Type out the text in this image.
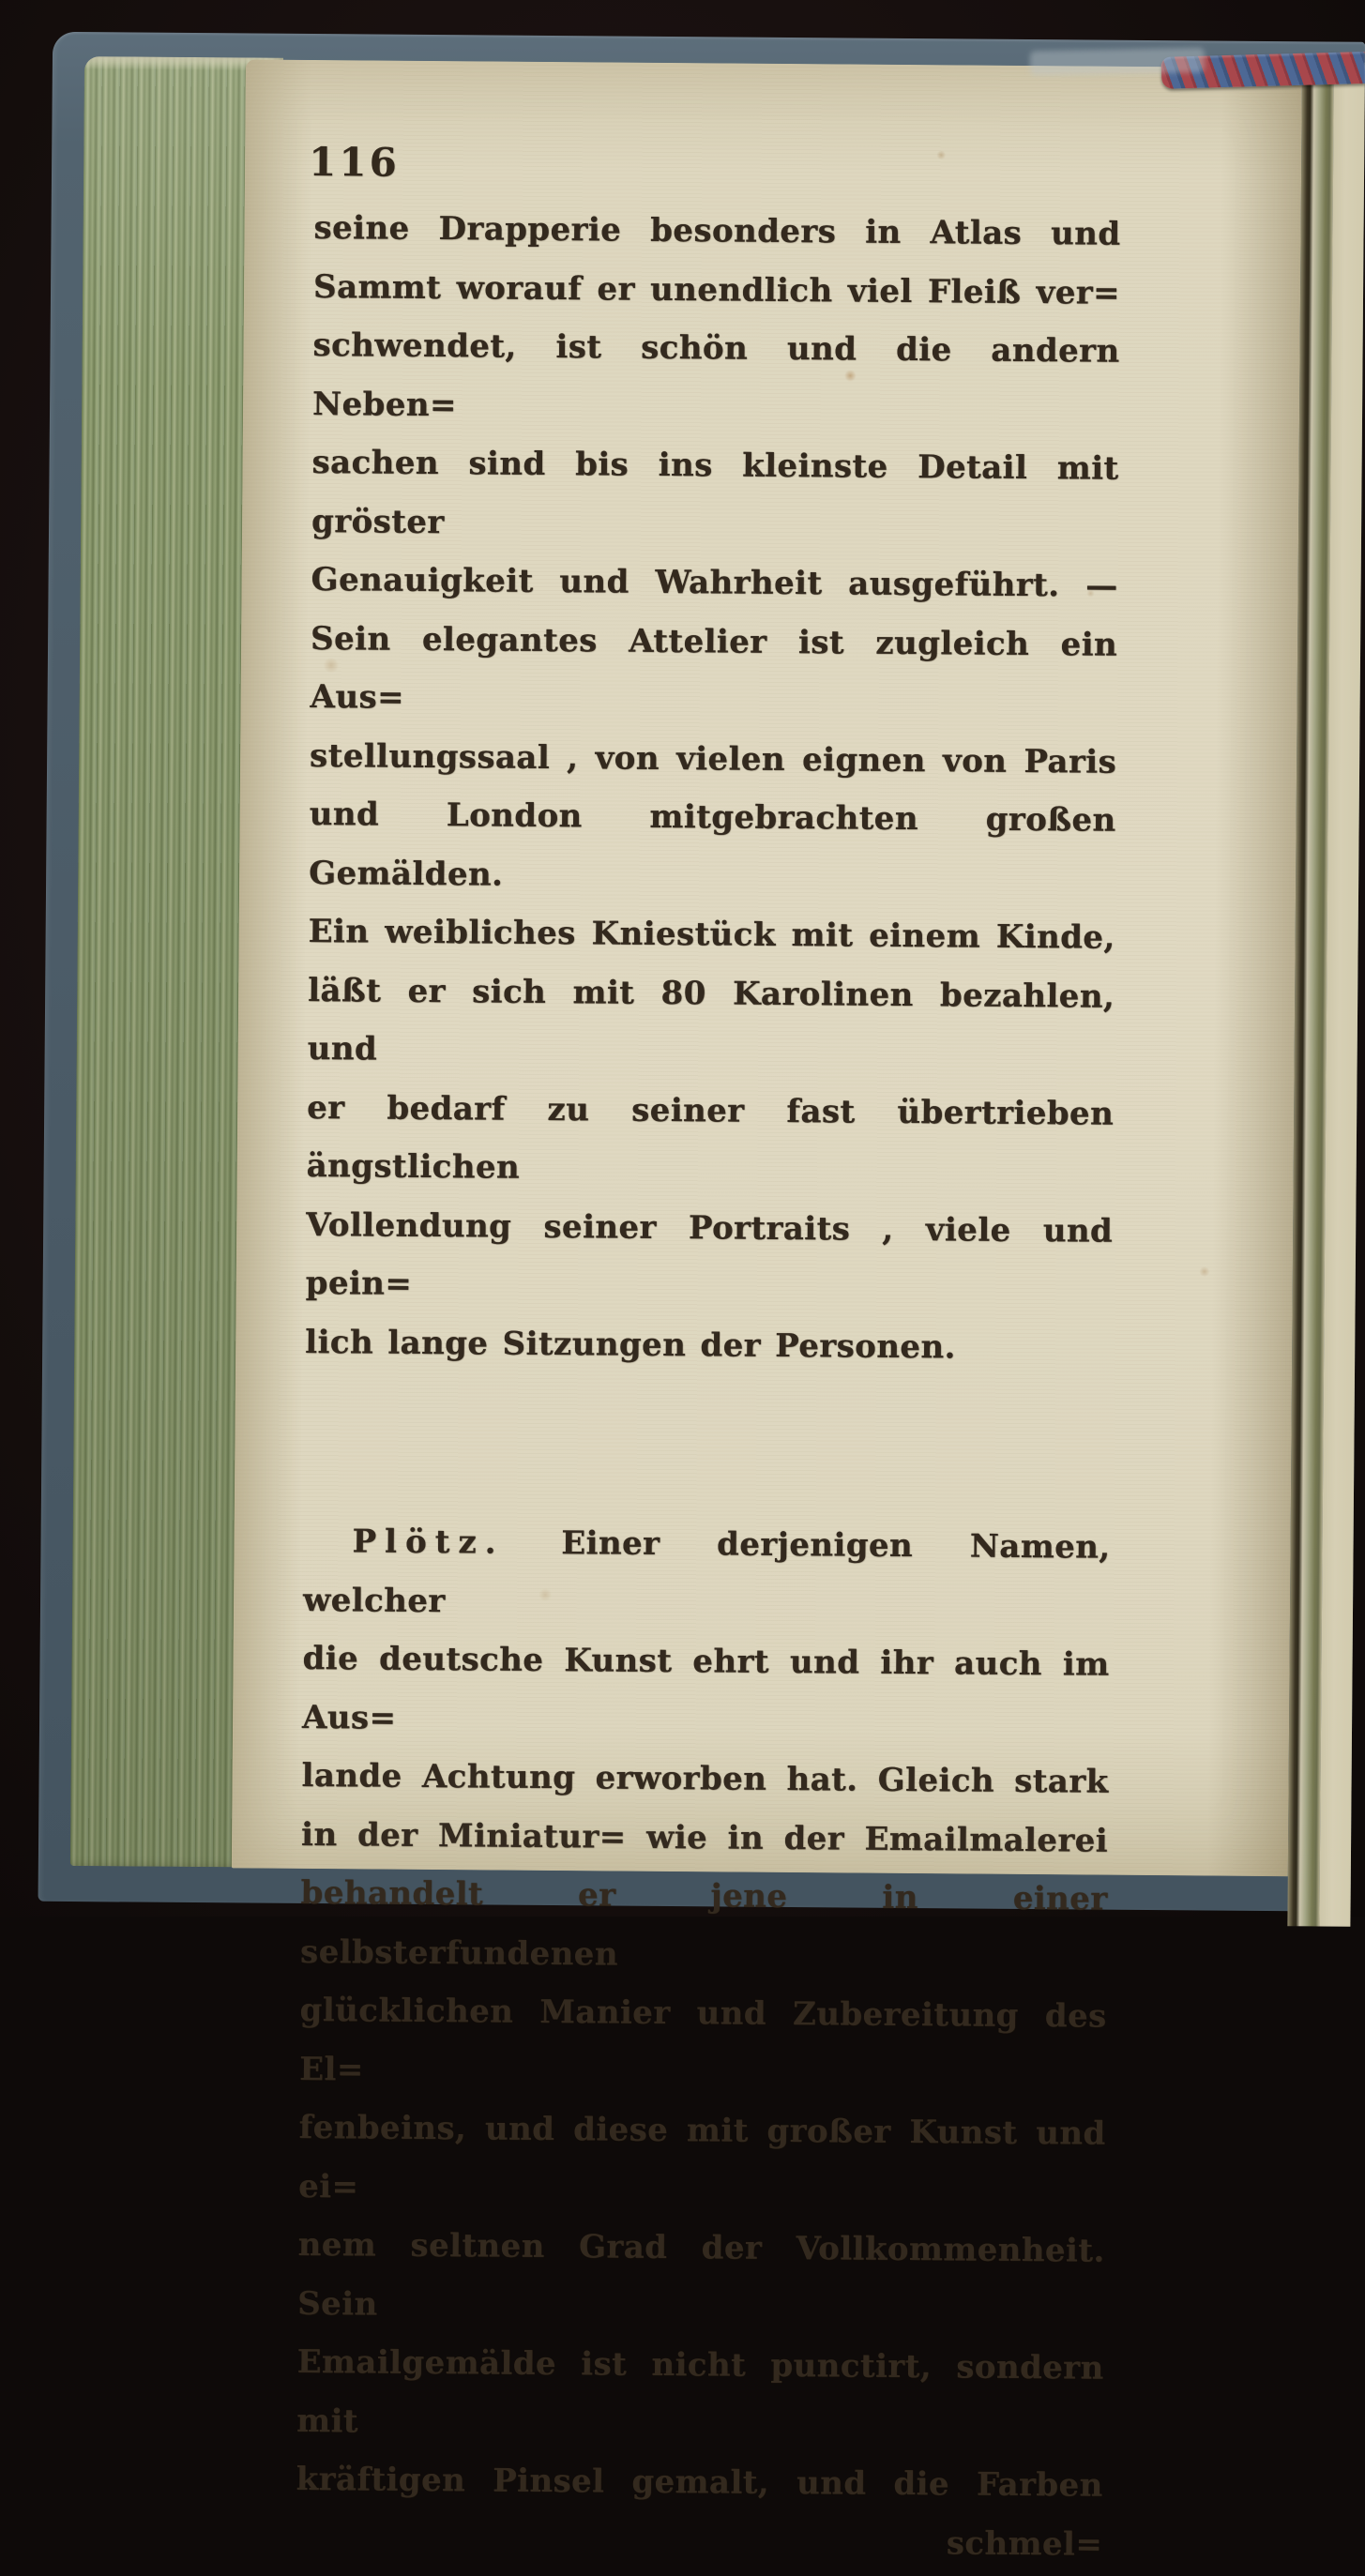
116
seine Drapperie besonders in Atlas und
Sammt worauf er unendlich viel Fleiß ver=
schwendet, ist schön und die andern Neben=
sachen sind bis ins kleinste Detail mit gröster
Genauigkeit und Wahrheit ausgeführt. —
Sein elegantes Attelier ist zugleich ein Aus=
stellungssaal , von vielen eignen von Paris
und London mitgebrachten großen Gemälden.
Ein weibliches Kniestück mit einem Kinde,
läßt er sich mit 80 Karolinen bezahlen, und
er bedarf zu seiner fast übertrieben ängstlichen
Vollendung seiner Portraits , viele und pein=
lich lange Sitzungen der Personen.
Plötz. Einer derjenigen Namen, welcher
die deutsche Kunst ehrt und ihr auch im Aus=
lande Achtung erworben hat. Gleich stark
in der Miniatur= wie in der Emailmalerei
behandelt er jene in einer selbsterfundenen
glücklichen Manier und Zubereitung des El=
fenbeins, und diese mit großer Kunst und ei=
nem seltnen Grad der Vollkommenheit. Sein
Emailgemälde ist nicht punctirt, sondern mit
kräftigen Pinsel gemalt, und die Farben
schmel=
